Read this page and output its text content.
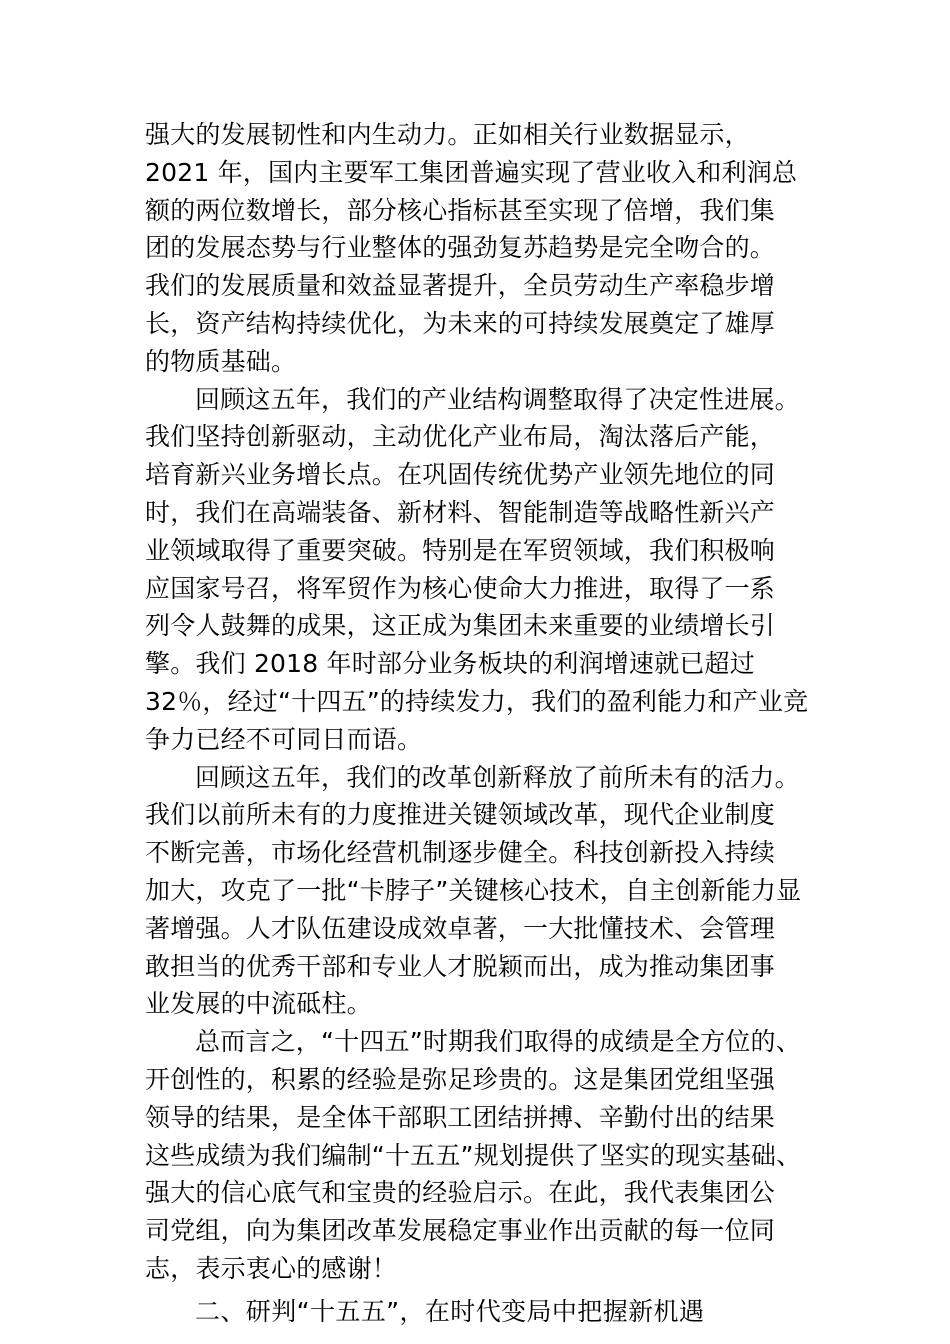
强大的发展韧性和内生动力。正如相关行业数据显示，
2021 年，国内主要军工集团普遍实现了营业收入和利润总
额的两位数增长，部分核心指标甚至实现了倍增，我们集
团的发展态势与行业整体的强劲复苏趋势是完全吻合的。
我们的发展质量和效益显著提升，全员劳动生产率稳步增
长，资产结构持续优化，为未来的可持续发展奠定了雄厚
的物质基础。
回顾这五年，我们的产业结构调整取得了决定性进展。
我们坚持创新驱动，主动优化产业布局，淘汰落后产能，
培育新兴业务增长点。在巩固传统优势产业领先地位的同
时，我们在高端装备、新材料、智能制造等战略性新兴产
业领域取得了重要突破。特别是在军贸领域，我们积极响
应国家号召，将军贸作为核心使命大力推进，取得了一系
列令人鼓舞的成果，这正成为集团未来重要的业绩增长引
擎。我们 2018 年时部分业务板块的利润增速就已超过
32％，经过“十四五”的持续发力，我们的盈利能力和产业竞
争力已经不可同日而语。
回顾这五年，我们的改革创新释放了前所未有的活力。
我们以前所未有的力度推进关键领域改革，现代企业制度
不断完善，市场化经营机制逐步健全。科技创新投入持续
加大，攻克了一批“卡脖子”关键核心技术，自主创新能力显
著增强。人才队伍建设成效卓著，一大批懂技术、会管理
敢担当的优秀干部和专业人才脱颖而出，成为推动集团事
业发展的中流砥柱。
总而言之，“十四五”时期我们取得的成绩是全方位的、
开创性的，积累的经验是弥足珍贵的。这是集团党组坚强
领导的结果，是全体干部职工团结拼搏、辛勤付出的结果
这些成绩为我们编制“十五五”规划提供了坚实的现实基础、
强大的信心底气和宝贵的经验启示。在此，我代表集团公
司党组，向为集团改革发展稳定事业作出贡献的每一位同
志，表示衷心的感谢！
二、研判“十五五”，在时代变局中把握新机遇
